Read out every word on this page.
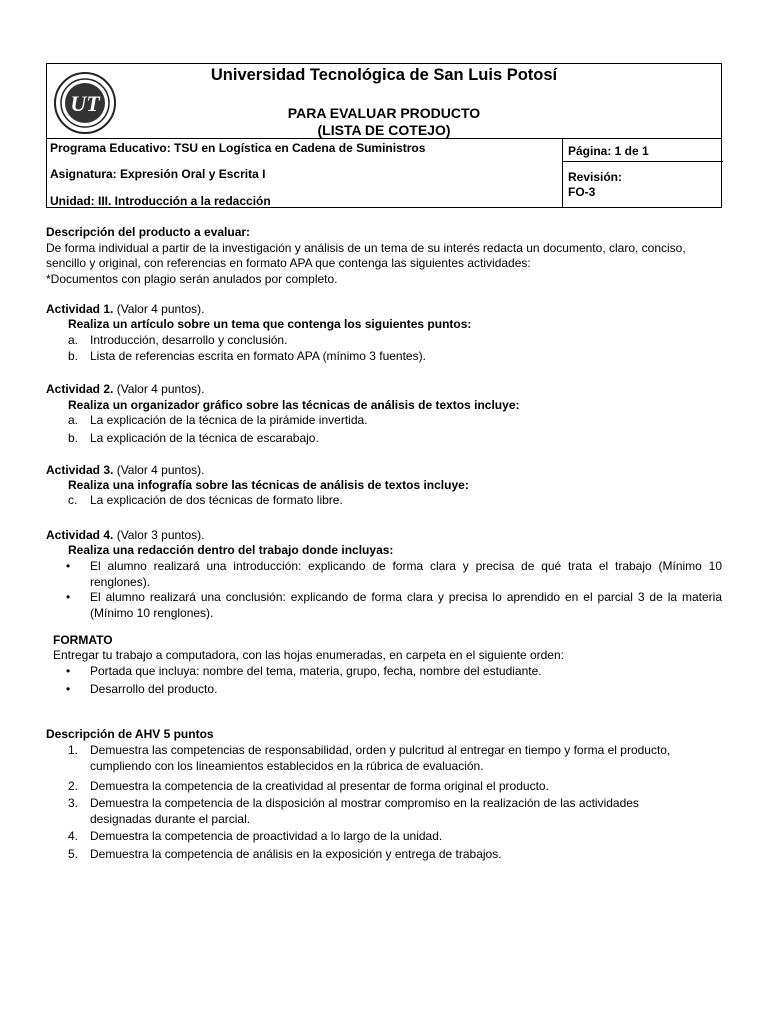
UT
Universidad Tecnológica de San Luis Potosí
PARA EVALUAR PRODUCTO
(LISTA DE COTEJO)
Programa Educativo: TSU en Logística en Cadena de Suministros
Asignatura: Expresión Oral y Escrita I
Unidad: III. Introducción a la redacción
Página: 1 de 1
Revisión:
FO-3
Descripción del producto a evaluar:
De forma individual a partir de la investigación y análisis de un tema de su interés redacta un documento, claro, conciso,
sencillo y original, con referencias en formato APA que contenga las siguientes actividades:
*Documentos con plagio serán anulados por completo.
Actividad 1. (Valor 4 puntos).
Realiza un artículo sobre un tema que contenga los siguientes puntos:
a. Introducción, desarrollo y conclusión.
b. Lista de referencias escrita en formato APA (mínimo 3 fuentes).
Actividad 2. (Valor 4 puntos).
Realiza un organizador gráfico sobre las técnicas de análisis de textos incluye:
a. La explicación de la técnica de la pirámide invertida.
b. La explicación de la técnica de escarabajo.
Actividad 3. (Valor 4 puntos).
Realiza una infografía sobre las técnicas de análisis de textos incluye:
c. La explicación de dos técnicas de formato libre.
Actividad 4. (Valor 3 puntos).
Realiza una redacción dentro del trabajo donde incluyas:
• El alumno realizará una introducción: explicando de forma clara y precisa de qué trata el trabajo (Mínimo 10 renglones).
• El alumno realizará una conclusión: explicando de forma clara y precisa lo aprendido en el parcial 3 de la materia (Mínimo 10 renglones).
FORMATO
Entregar tu trabajo a computadora, con las hojas enumeradas, en carpeta en el siguiente orden:
• Portada que incluya: nombre del tema, materia, grupo, fecha, nombre del estudiante.
• Desarrollo del producto.
Descripción de AHV 5 puntos
1. Demuestra las competencias de responsabilidad, orden y pulcritud al entregar en tiempo y forma el producto,
cumpliendo con los lineamientos establecidos en la rúbrica de evaluación.
2. Demuestra la competencia de la creatividad al presentar de forma original el producto.
3. Demuestra la competencia de la disposición al mostrar compromiso en la realización de las actividades
designadas durante el parcial.
4. Demuestra la competencia de proactividad a lo largo de la unidad.
5. Demuestra la competencia de análisis en la exposición y entrega de trabajos.
